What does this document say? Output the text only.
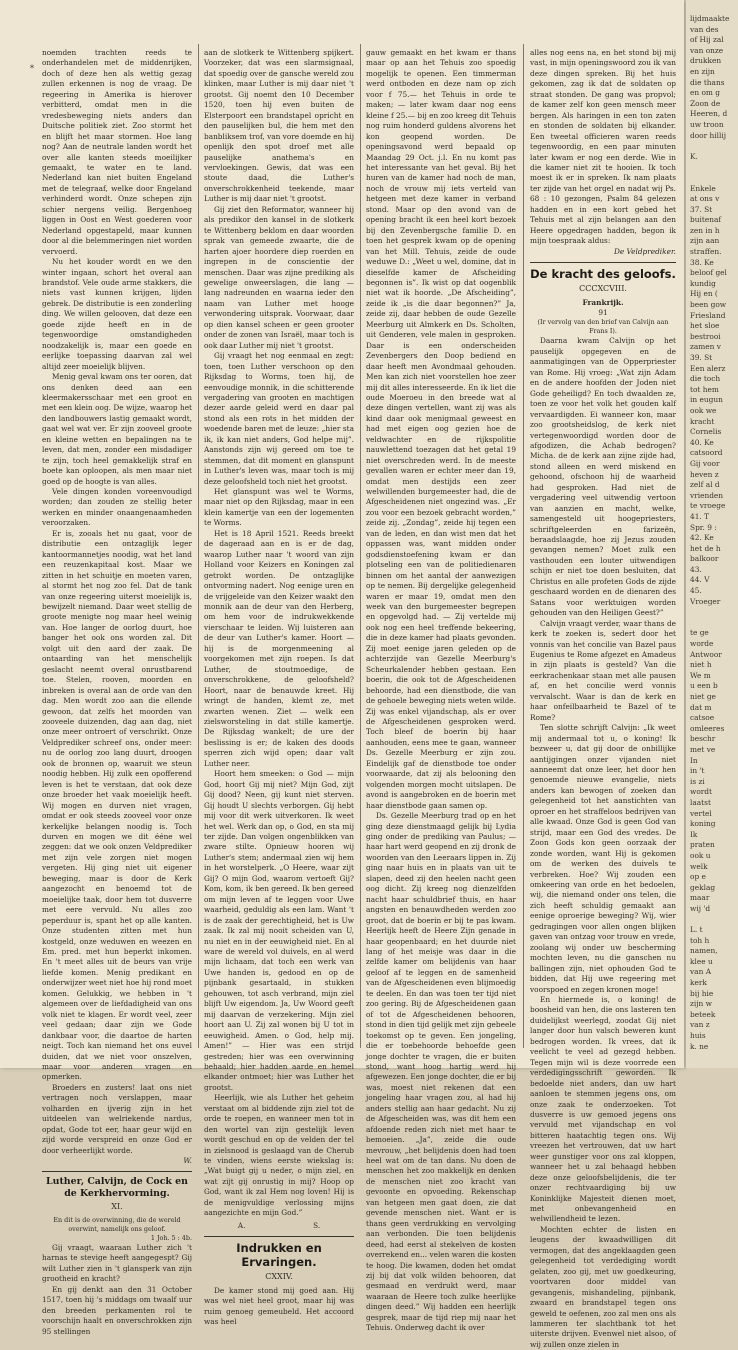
*

noemden trachten reeds te onderhandelen met de middenrijken, doch of deze hen als wettig gezag zullen erkennen is nog de vraag. De regeering in Amerika is hierover verbitterd, omdat men in die vredesbeweging niets anders dan Duitsche politiek ziet. Zoo stormt het en blijft het maar stormen. Hoe lang nog? Aan de neutrale landen wordt het over alle kanten steeds moeilijker gemaakt, te water en te land. Nederland kan niet buiten Engeland met de telegraaf, welke door Engeland verhinderd wordt. Onze schepen zijn schier nergens veilig. Bergenhoeg liggen in Oost en West goederen voor Nederland opgestapeld, maar kunnen door al die belemmeringen niet worden vervoerd.

Nu het kouder wordt en we den winter ingaan, schort het overal aan brandstof. Vele oude arme stakkers, die niets vast kunnen krijgen, lijden gebrek. De distributie is een zonderling ding. We willen gelooven, dat deze een goede zijde heeft en in de tegenwoordige omstandigheden noodzakelijk is, maar een goede en eerlijke toepassing daarvan zal wel altijd zeer moeielijk blijven.

Menig geval kwam ons ter ooren, dat ons denken deed aan een kleermakersschaar met een groot en met een klein oog. De wijze, waarop het den landbouwers lastig gemaakt wordt, gaat wel wat ver. Er zijn zooveel groote en kleine wetten en bepalingen na te leven, dat men, zonder een misdadiger te zijn, toch heel gemakkelijk straf en boete kan oploopen, als men maar niet goed op de hoogte is van alles.

Vele dingen konden voreenvoudigd worden; dan zouden ze stellig beter werken en minder onaangenaamheden veroorzaken.

Er is, zooals het nu gaat, voor de distributie een ontzaglijk leger kantoormannetjes noodig, wat het land een reuzenkapitaal kost. Maar we zitten in het schuitje en moeten varen, al stormt het nog zoo fel. Dat de tank van onze regeering uiterst moeielijk is, bewijzelt niemand. Daar weet stellig de groote menigte nog maar heel weinig van. Hoe langer de oorlog duurt, hoe banger het ook ons worden zal. Dit volgt uit den aard der zaak. De ontaarding van het menschelijk geslacht neemt overal onrustbarend toe. Stelen, rooven, moorden en inbreken is overal aan de orde van den dag. Men wordt zoo aan die ellende gewoon, dat zelfs het moorden van zooveele duizenden, dag aan dag, niet onze meer ontroert of verschrikt. Onze Veldprediker schreef ons, onder meer: nu de oorlog zoo lang duurt, droogen ook de bronnen op, waaruit we steun noodig hebben. Hij zulk een opofferend leven is het te verstaan, dat ook deze onze broeder het vaak moeielijk heeft. Wij mogen en durven niet vragen, omdat er ook steeds zooveel voor onze kerkelijke belangen noodig is. Toch durven en mogen we dit ééne wel zeggen: dat we ook onzen Veldprediker met zijn vele zorgen niet mogen vergeten. Hij ging niet uit eigener beweging, maar is door de Kerk aangezocht en benoemd tot de moeielijke taak, door hem tot dusverre met eere vervuld. Nu alles zoo peperduur is, spant het op alle kanten. Onze studenten zitten met hun kostgeld, onze weduwen en weezen en Em. pred. met hun beperkt inkomen. En 't meet alles uit de beurs van vrije liefde komen. Menig predikant en onderwijzer weet niet hoe hij rond moet komen. Gelukkig, we hebben in 't algemeen over de liefdadigheid van ons volk niet te klagen. Er wordt veel, zeer veel gedaan; daar zijn we Gode dankbaar voor, die daartoe de harten neigt. Toch kan niemand het ons euvel duiden, dat we niet voor onszelven, maar voor anderen vragen en opmerken.

Broeders en zusters! laat ons niet vertragen noch verslappen, maar volharden en ijverig zijn in het uitdeelen van welriekende nardus, opdat, Gode tot eer, haar geur wijd en zijd worde verspreid en onze God er door verheerlijkt worde.

W.

Luther, Calvijn, de Cock en de Kerkhervorming.
XI.

En dit is de overwinning, die de wereld overwint, namelijk ons geloof.

1 Joh. 5 : 4b.

Gij vraagt, waaraan Luther zich 't harnas te stevige heeft aangegespt? Gij wilt Luther zien in 't glansperk van zijn grootheid en kracht?

En gij denkt aan den 31 October 1517, toen hij 's middags om twaalf uur den breeden perkamenten rol te voorschijn haalt en onverschrokken zijn 95 stellingen

aan de slotkerk te Wittenberg spijkert. Voorzeker, dat was een slarmsignaal, dat spoedig over de gansche wereld zou klinken, maar Luther is mij daar niet 't grootst. Gij noemt den 10 December 1520, toen hij even buiten de Elsterpoort een brandstapel opricht en den pauselijken bul, die hem met den banbliksem trof, van vore doemde en hij openlijk den spot droef met alle pauselijke anathema's en vervloekingen. Gewis, dat was een stoute daad, die Luther's onverschrokkenheid teekende, maar Luther is mij daar niet 't grootst.

Gij ziet den Reformator, wanneer hij als predikor den kansel in de slotkerk te Wittenberg beklom en daar woorden sprak van gemeede zwaarte, die de harten ajoer hoordere diep roerden en ingrepen in de conscientie der menschen. Daar was zijne prediking als gewelige onweerslagen, die lang — lang nadreunden en waarna ieder den naam van Luther met hooge verwondering uitsprak. Voorwaar, daar op dien kansel scheen er geen grooter onder de zonen van Israël, maar toch is ook daar Luther mij niet 't grootst.

Gij vraagt het nog eenmaal en zegt: toen, toen Luther verschoon op den Rijksdag to Worms, toen hij, de eenvoudige monnik, in die schitterende vergadering van grooten en machtigen dezer aarde geleid werd en daar pal stond als een rots in het midden der woedende baren met de leuze: „hier sta ik, ik kan niet anders, God helpe mij”. Aanstonds zijn wij gereed om toe te stemmen, dat dit moment en glanspunt in Luther's leven was, maar toch is mij deze geloofsheld toch niet het grootst.

Het glanspunt was wel te Worms, maar niet op den Rijksdag, maar in een klein kamertje van een der logementen te Worms.

Het is 18 April 1521. Reeds breekt de dageraad aan en is er de dag, waarop Luther naar 't woord van zijn Holland voor Keizers en Koningen zal getrokt worden. De ontzaglijke ontvorming nadert. Nog eenige uren en de vrijgeleide van den Keizer waakt den monnik aan de deur van den Herberg, om hem voor de indrukwekkende vierschaar te leiden. Wij luisteren aan de deur van Luther's kamer. Hoort — hij is de morgenmeening al voorgekomen met zijn roepen. Is dat Luther, de stoutmoedige, de onverschrokkene, de geloofsheld? Hoort, naar de benauwde kreet. Hij wringt de handen, klemt ze, met zwarten wenen. Ziet — welk een zielsworsteling in dat stille kamertje. De Rijksdag wankelt; de ure der beslissing is er; de kaken des doods sperren zich wijd open; daar valt Luther neer.

Hoort hem smeeken: o God — mijn God, hoort Gij mij niet? Mijn God, zijt Gij dood? Neen, gij kunt niet sterven. Gij houdt U slechts verborgen. Gij hebt mij voor dit werk uitverkoren. Ik weet het wel. Werk dan op, o God, en sta mij ter zijde. Dan volgen ongenblikken van zware stilte. Opnieuw hooren wij Luther's stem; andermaal zien wij hem in het worstelperk. „O Heere, waar zijt Gij? O mijn God, waarom vertoeft Gij? Kom, kom, ik ben gereed. Ik ben gereed om mijn leven af te leggen voor Uwe waarheid, geduldig als een lam. Want 't is de zaak der gerechtigheid, het is Uw zaak. Ik zal mij nooit scheiden van U, nu niet en in der eeuwigheid niet. En al ware de wereld vol duivels, en al werd mijn lichaam, dat toch een werk van Uwe handen is, gedood en op de pijnbank gesartaald, in stukken gehouwen, tot asch verbrand, mijn ziel blijft Uw eigendom. Ja, Uw Woord geeft mij daarvan de verzekering. Mijn ziel hoort aan U. Zij zal wonen bij U tot in eeuwigheid. Amen. o God, help mij. Amen!” — Hier was een strijd gestreden; hier was een overwinning behaald; hier hadden aarde en hemel elkander ontmoet; hier was Luther het grootst.

Heerlijk, wie als Luther het geheim verstaat om al biddende zijn ziel tot de orde te roepen, en wanneer men tot in den wortel van zijn gestelijk leven wordt geschud en op de velden der tel in zielsnood is geslaagd van de Cherub te vinden, wiens eerste wiekslag is: „Wat buigt gij u neder, o mijn ziel, en wat zijt gij onrustig in mij? Hoop op God, want ik zal Hem nog loven! Hij is de menigvuldige verlossing mijns aangezichte en mijn God.”

A.	S.
Indrukken en Ervaringen.
CXXIV.

De kamer stond mij goed aan. Hij was wel niet heel groot, maar hij was ruim genoeg gemeubeld. Het accoord was heel

gauw gemaakt en het kwam er thans maar op aan het Tehuis zoo spoedig mogelijk te openen. Een timmerman werd ontboden en deze nam op zich voor f 75.— het Tehuis in orde te maken; — later kwam daar nog eens kleine f 25.— bij en zoo kreeg dit Tehuis nog ruim honderd guldens alvorens het kon geopend worden. De openingsavond werd bepaald op Maandag 29 Oct. j.l. En nu komt pas het interessante van het geval. Bij het huren van de kamer had noch de man, noch de vrouw mij iets verteld van hetgeen met deze kamer in verband stond. Maar op den avond van de opening bracht ik een heel kort bezoek bij den Zevenbergsche familie D. en toen het gesprek kwam op de opening van het Mill. Tehuis, zeide de oude weduwe D.: „Weet u wel, domine, dat in dieselfde kamer de Afscheiding begonnen is”. Ik wist op dat oogenblik niet wat ik hoorde. „De Afscheiding”, zeide ik „is die daar begonnen?” Ja, zeide zij, daar hebben de oude Gezelle Meerburg uit Almkerk en Ds. Scholten, uit Genderen, vele malen in gesproken. Daar is een onderscheiden Zevenbergers den Doop bediend en daar heeft men Avondmaal gehouden. Men kan zich niet voorstellen hoe zeer mij dit alles interesseerde. En ik liet die oude Moeroeu in den breede wat al deze dingen vertellen, want zij was als kind daar ook menigmaal geweest en had met eigen oog gezien hoe de veldwachter en de rijkspolitie nauwlettend toezagen dat het getal 19 niet overschreden werd. In de meeste gevallen waren er echter meer dan 19, omdat men destijds een zeer welwillenden burgemeester had, die de Afgescheidenen niet ongezind was. „Er zou voor een bezoek gebracht worden,” zeide zij. „Zondag”, zeide hij tegen een van de leden, en dan wist men dat het oppassen was, want midden onder godsdienstoefening kwam er dan plotseling een van de politiedienaren binnen om het aantal der aanwezigen op te nemen. Bij dergelijke gelegenheid waren er maar 19, omdat men den week van den burgemeester begrepen en opgevolgd had. — Zij vertelde mij ook nog een heel treffende bekeering, die in deze kamer had plaats gevonden. Zij moet eenige jaren geleden op de achterzijde van Gezelle Meerburg's Scheurkalender hebben gestaan. Een boerin, die ook tot de Afgescheidenen behoorde, had een dienstbode, die van de gehoele beweging niets weten wilde. Zij was enkel vijandschap, als er over de Afgescheidenen gesproken werd. Toch bleef de boerin bij haar aanhouden, eens mee te gaan, wanneer Ds. Gezelle Meerburg er zijn zou. Eindelijk gaf de dienstbode toe onder voorwaarde, dat zij als belooning den volgenden morgen mocht uitslapen. De avond is aangebroken en de boerin met haar dienstbode gaan samen op.

Ds. Gezelle Meerburg trad op en het ging deze dienstmaagd gelijk bij Lydia ging onder de prediking van Paulus; — haar hart werd geopend en zij dronk de woorden van den Leeraars lippen in. Zij ging naar huis en in plaats van uit te slapen, deed zij den heelen nacht geen oog dicht. Zij kreeg nog dienzelfden nacht haar schuldbrief thuis, en haar angsten en benauwdheden werden zoo groot, dat de boerin er bij te pas kwam. Heerlijk heeft de Heere Zijn genade in haar geopenbaard; en het duurde niet lang of het meisje was daar in die zelfde kamer om belijdenis van haar geloof af te leggen en de samenheid van de Afgescheidenen even blijmoedig te deelen. En dan was toen ter tijd niet zoo gering. Bij de Afgescheidenen gaan of tot de Afgescheidenen behooren, stond in dien tijd gelijk met zijn gebeele toekomst op te geven. Een jongeling, die er toebehoorde behoefde geen jonge dochter te vragen, die er buiten stond, want hoog hartig werd hij afgewezen. Een jonge dochter, die er bij was, moest niet rekenen dat een jongeling haar vragen zou, al had hij anders stellig aan haar gedacht. Nu zij de Afgescheiden was, was dit hem een afdoende reden zich niet met haar te bemoeien. „Ja”, zeide die oude mevrouw, „het belijdenis doen had toen heel wat om de tan dans. Nu doen de menschen het zoo makkelijk en denken de menschen niet zoo kracht van gevoonte en opvoeding. Rekenschap van hetgeen men gaat doen, zie dat gevende menschen niet. Want er is thans geen verdrukking en vervolging aan verbonden. Die toen belijdenis deed, had eerst al stekelven de kosten overrekend en... velen waren die kosten te hoog. Die kwamen, doden het omdat zij bij dat volk wilden behooren, dat gesmaad en verdrukt werd, maar waaraan de Heere toch zulke heerlijke dingen deed.” Wij hadden een heerlijk gesprek, maar de tijd riep mij naar het Tehuis. Onderweg dacht ik over

alles nog eens na, en het stond bij mij vast, in mijn openingswoord zou ik van deze dingen spreken. Bij het huis gekomen, zag ik dat de soldaten op straat stonden. De gang was propvol; de kamer zelf kon geen mensch meer bergen. Als haringen in een ton zaten en stonden de soldaten bij elkander. Een tweetal officieren waren reeds tegenwoordig, en een paar minuten later kwam er nog een derde. Wie in die kamer niet zit te hooien. Ik toch moest ik er in spreken. Ik nam plaats ter zijde van het orgel en nadat wij Ps. 68 : 10 gezongen, Psalm 84 gelezen hadden en in een kort gebed het Tehuis met al zijn belangen aan den Heere opgedragen hadden, begon ik mijn toespraak aldus:

De Veldprediker.

De kracht des geloofs.
CCCXCVIII.

Frankrijk.

91

(Ir vervolg van den brief van Calvijn aan Frans I).

Daarna kwam Calvijn op het pauselijk opgegeven en de aanmatigingen van de Opperpriester van Rome. Hij vroeg: „Wat zijn Adam en de andere hoofden der Joden niet Gode geheiligd? En toch dwaalden ze, toen ze voor het volk het gouden kalf vervaardigden. Ei wanneer kon, maar zoo grootsheidslog, de kerk niet vertegenwoordigd worden door de afgodizen, die Achab bedrogen? Micha. de de kerk aan zijne zijde had, stond alleen en werd miskend en gehoond, ofschoon hij de waarheid had gesproken. Had niet de vergadering veel uitwendig vertoon van aanzien en macht, welke, samengesteld uit hoogepriesters, schriftgeleerden en farizeën, beraadslaagde, hoe zij Jezus zouden gevangen nemen? Moet zulk een vasthouden een louter uitwendigen schijn er niet toe doen besluiten, dat Christus en alle profeten Gods de zijde geschaard worden en de dienaren des Satans voor werktuigen worden gehouden van den Heiligen Geest?”

Calvijn vraagt verder, waar thans de kerk te zoeken is, sedert door het vonnis van het concilie van Bazel paus Eugenius te Rome afgezet en Amadeus in zijn plaats is gesteld? Van die eerkrachenkaar staan met alle pausen af, en het concilie werd vonnis vervalscht. Waar is dan de kerk en haar onfeilbaarheid te Bazel of te Rome?

Ten slotte schrijft Calvijn: „Ik weet mij andermaal tot u, o koning! Ik bezweer u, dat gij door de onbillijke aantijgingen onzer vijanden niet aanneemt dat onze leer, het door hen genoemde nieuwe evangelie, niets anders kan bewogen of zoeken dan gelegenheid tot het aanstichten van oproer en het straffeloos bedrijven van alle kwaad. Onze God is geen God van strijd, maar een God des vredes. De Zoon Gods kon geen oorzaak der zonde worden, want Hij is gekomen om de werken des duivels te verbreken. Hoe? Wij zouden een omkeering van orde en het bedoelen, wij, die niemand onder ons telen, die zich heeft schuldig gemaakt aan eenige oproerige beweging? Wij, wier gedragingen voor allen ongen blijken gaven van ontzag voor trouw en vrede, zoolang wij onder uw bescherming mochten leven, nu die ganschen nu ballingen zijn, niet ophouden God te bidden, dat Hij uwe regeering met voorspoed en zegen kronen moge!

En hiermede is, o koning! de boosheid van hen, die ons lasteren ten duidelijkst weerlegd, zoodat Gij niet langer door hun valsch beweren kunt bedrogen worden. Ik vrees, dat ik veelicht te veel ad gezegd hebben. Tegen mijn wil is deze voorrede een verdedigingsschrift geworden. Ik bedoelde niet anders, dan uw hart aanloen te stemmen jegens ons, om onze zaak te onderzoeken. Tot dusverre is uw gemoed jegens ons vervuld met vijandschap en vol bitteren haatachtig tegen ons. Wij vreezen het vertrouwen, dat uw hart weer gunstiger voor ons zal kloppen, wanneer het u zal behaagd hebben deze onze geloofsbelijdenis, die ter onzer rechtvaardiging bij uw Koninklijke Majesteit dienen moet, met onbevangenheid en welwillendheid te lezen.

Mochten echter de listen en leugens der kwaadwilligen dit vermogen, dat des angeklaagden geen gelegenheid tot verdediging wordt gelaten, zoo gij, met uw goedkeuring, voortvaren door middel van gevangenis, mishandeling, pijnbank, zwaard en brandstapel tegen ons geweld te oefenen, zoo zal men ons als lammeren ter slachtbank tot het uiterste drijven. Evenwel niet alsoo, of wij zullen onze zielen in

lijdmaakte
van des
of Hij zal
van onze
drukken
en zijn
die thans
en om g
Zoon de
Heeren, d
uw troon
door hillij

K.

Enkele
at ons v
37. St
buitenaf
zen in h
zijn aan
straffen.
38. Ke
beloof gel
kundig
Hij en (
been gow
Friesland
het sloe
bestrooi
zamen v
39. St
Een alerz
die toch
tot hem
in eugun
ook we
kracht
Cornelis
40. Ke
catsoord
Gij voor
heven z
zelf al d
vrienden
te vroege
41. T
Spr. 9 :
42. Ke
het de h
balkoor
43.
44. V
45.
Vroeger

te ge
worde
Antwoor
niet h
We m
u een b
niet ge
dat m
catsoe
omleeres
beschr
met ve
In
in 't
is zi
wordt
laatst
vertel
koning
Ik
praten
ook u
welk
op e
geklag
maar
wij 'd

L. t
toh h
namen,
klee u
van A
kerk
bij hie
zijn w
beteek
van z
huis
k. ne
